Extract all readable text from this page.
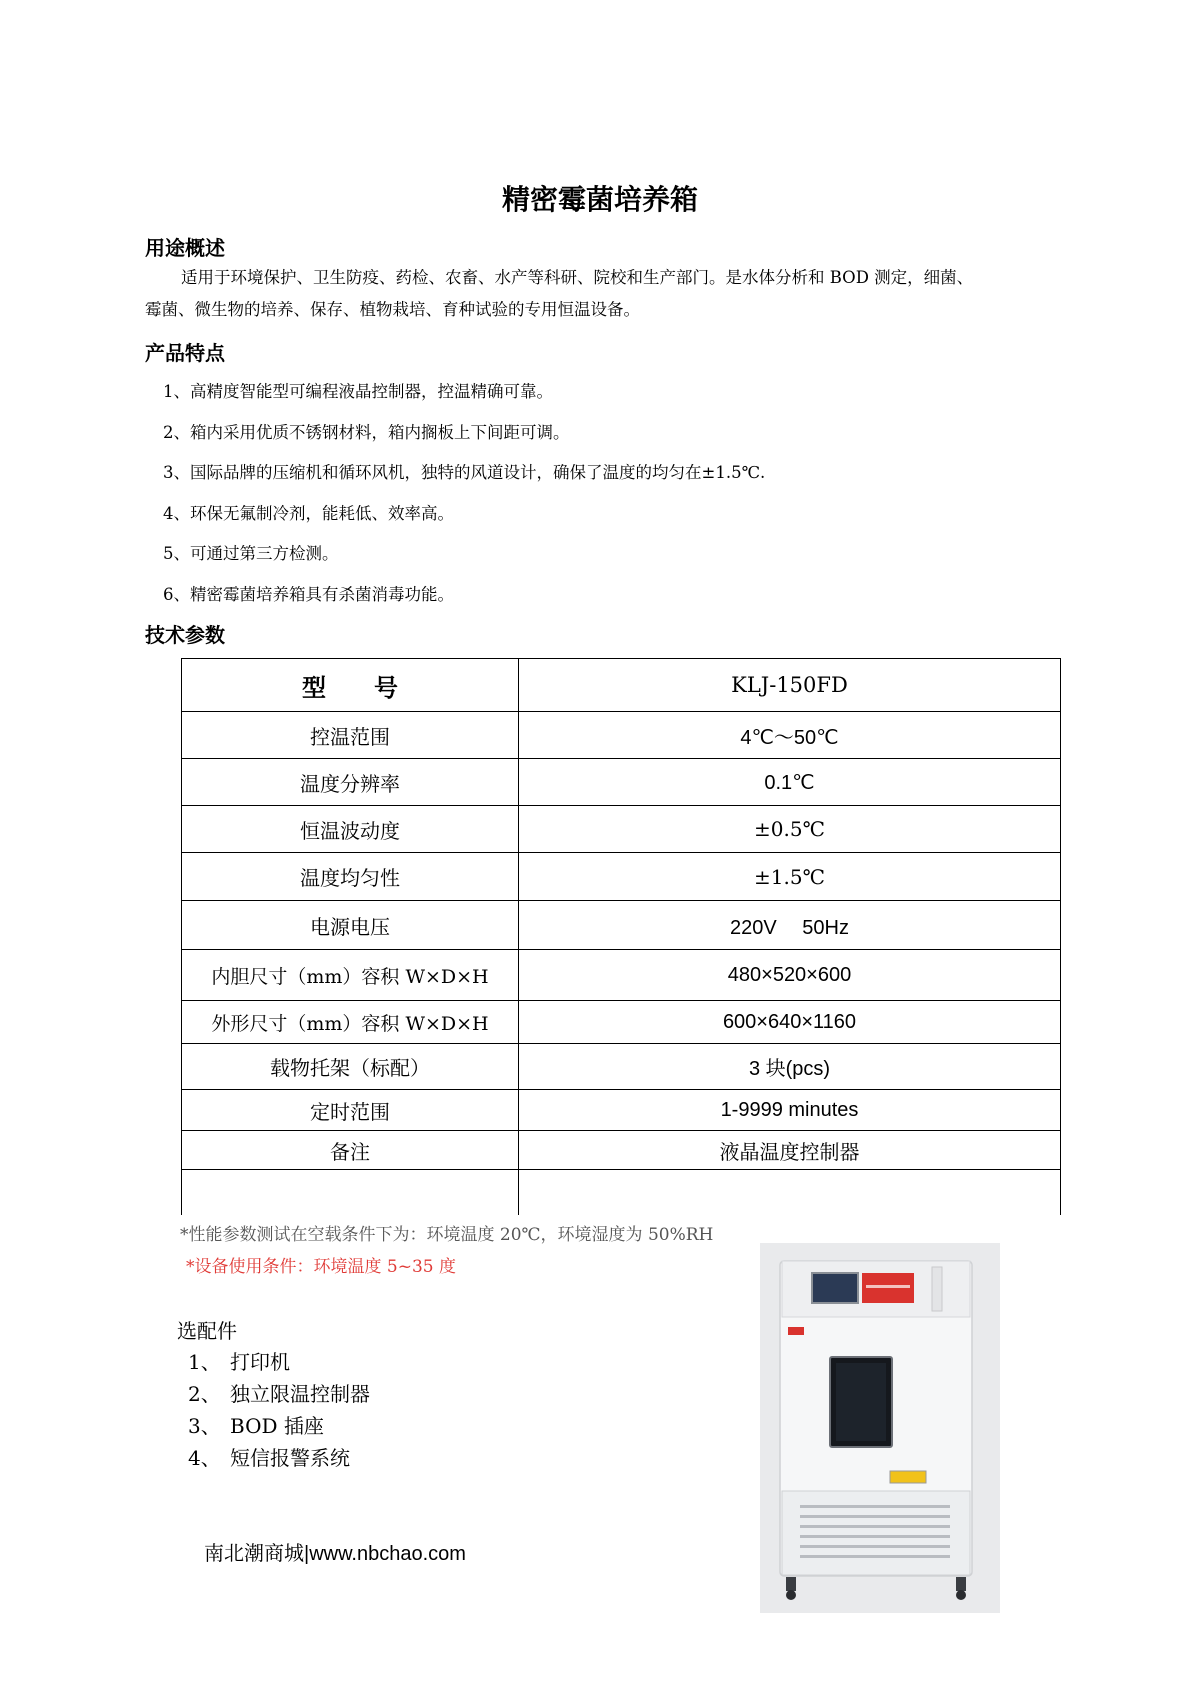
精密霉菌培养箱
用途概述
适用于环境保护、卫生防疫、药检、农畜、水产等科研、院校和生产部门。是水体分析和 BOD 测定，细菌、
霉菌、微生物的培养、保存、植物栽培、育种试验的专用恒温设备。
产品特点
1、高精度智能型可编程液晶控制器，控温精确可靠。
2、箱内采用优质不锈钢材料，箱内搁板上下间距可调。
3、国际品牌的压缩机和循环风机，独特的风道设计，确保了温度的均匀在±1.5℃.
4、环保无氟制冷剂，能耗低、效率高。
5、可通过第三方检测。
6、精密霉菌培养箱具有杀菌消毒功能。
技术参数
型　　号	KLJ-150FD
控温范围	4℃～50℃
温度分辨率	0.1℃
恒温波动度	±0.5℃
温度均匀性	±1.5℃
电源电压	220V　 50Hz
内胆尺寸（mm）容积 W×D×H	480×520×600
外形尺寸（mm）容积 W×D×H	600×640×1160
载物托架（标配）	3 块(pcs)
定时范围	1-9999 minutes
备注	液晶温度控制器

*性能参数测试在空载条件下为：环境温度 20℃，环境湿度为 50%RH
*设备使用条件：环境温度 5~35 度
选配件
1、 打印机
2、 独立限温控制器
3、 BOD 插座
4、 短信报警系统
南北潮商城|www.nbchao.com
